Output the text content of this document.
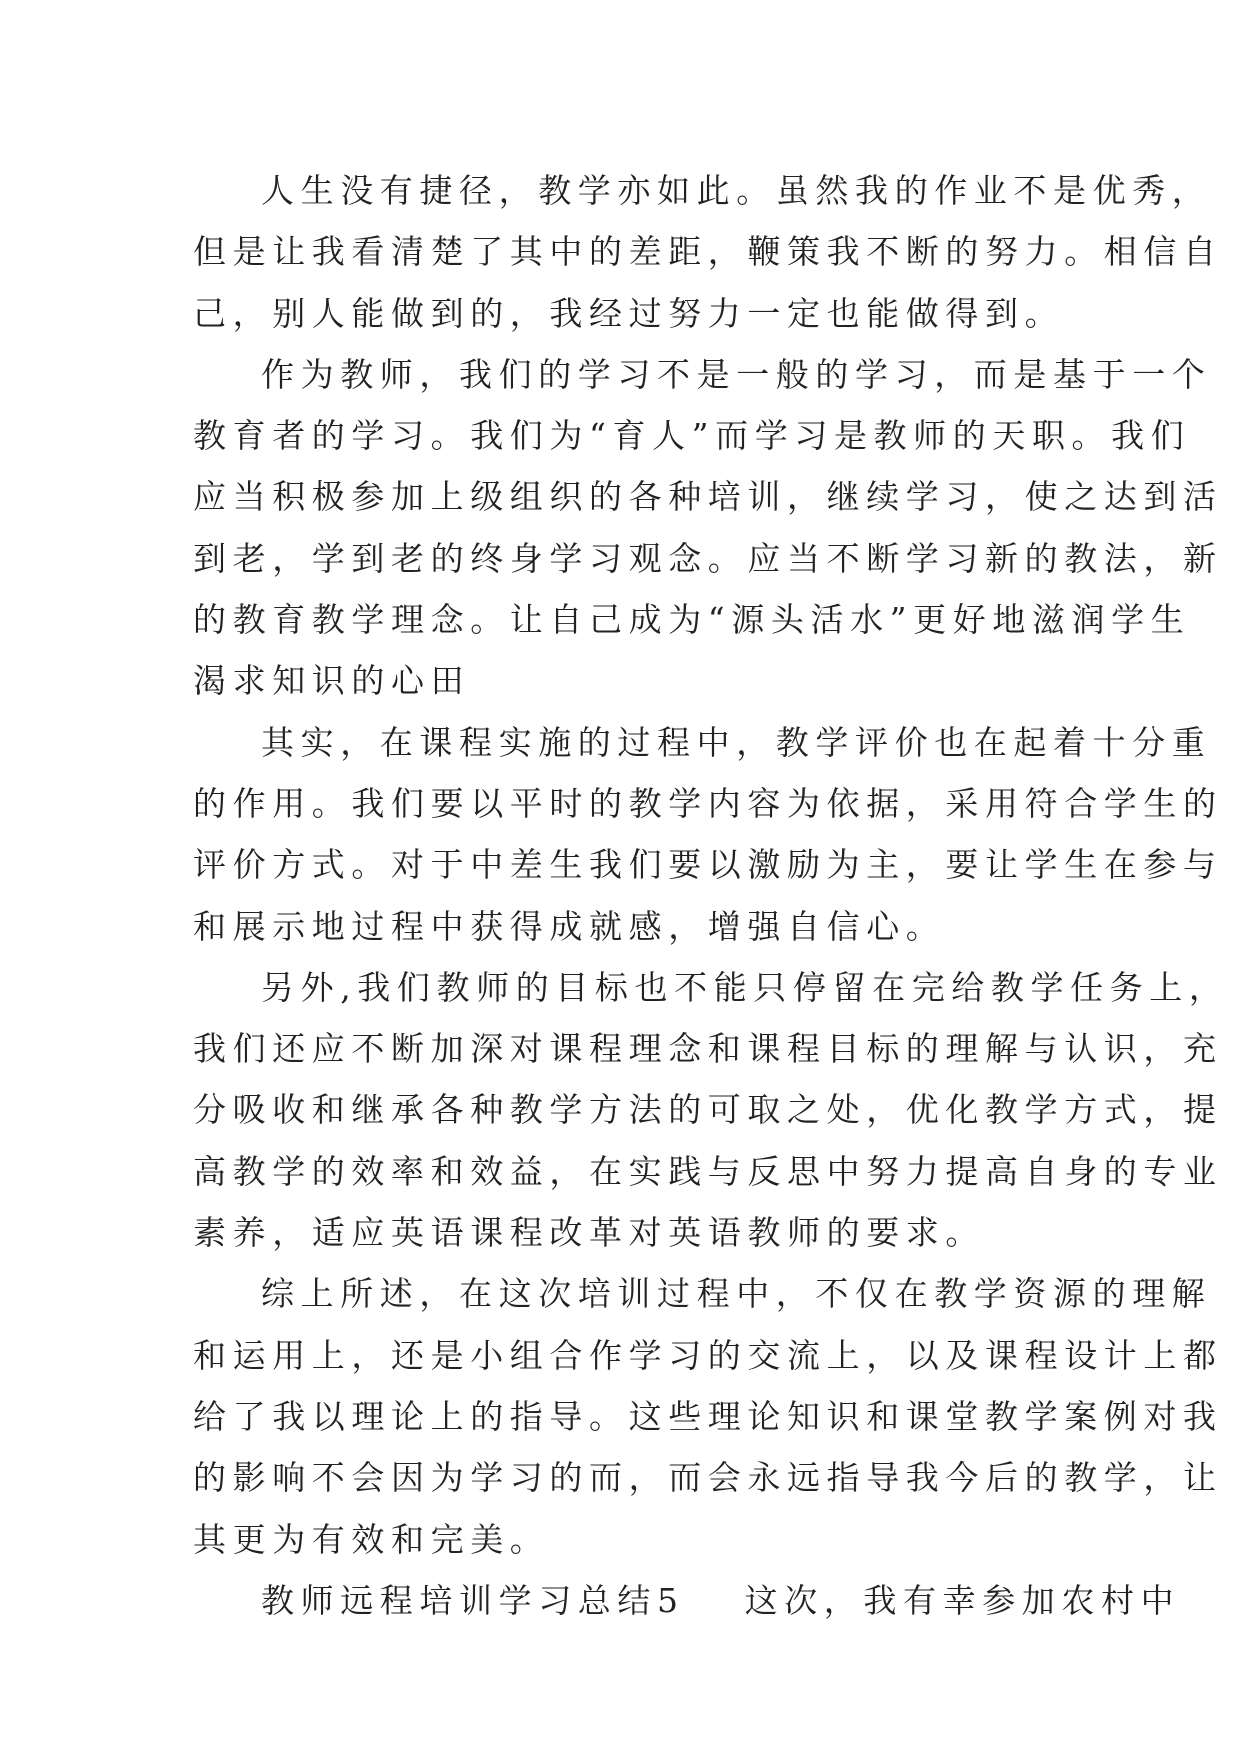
人生没有捷径，教学亦如此。虽然我的作业不是优秀，
但是让我看清楚了其中的差距，鞭策我不断的努力。相信自
己，别人能做到的，我经过努力一定也能做得到。
作为教师，我们的学习不是一般的学习，而是基于一个
教育者的学习。我们为“育人”而学习是教师的天职。我们
应当积极参加上级组织的各种培训，继续学习，使之达到活
到老，学到老的终身学习观念。应当不断学习新的教法，新
的教育教学理念。让自己成为“源头活水”更好地滋润学生
渴求知识的心田
其实，在课程实施的过程中，教学评价也在起着十分重
的作用。我们要以平时的教学内容为依据，采用符合学生的
评价方式。对于中差生我们要以激励为主，要让学生在参与
和展示地过程中获得成就感，增强自信心。
另外,我们教师的目标也不能只停留在完给教学任务上，
我们还应不断加深对课程理念和课程目标的理解与认识，充
分吸收和继承各种教学方法的可取之处，优化教学方式，提
高教学的效率和效益，在实践与反思中努力提高自身的专业
素养，适应英语课程改革对英语教师的要求。
综上所述，在这次培训过程中，不仅在教学资源的理解
和运用上，还是小组合作学习的交流上，以及课程设计上都
给了我以理论上的指导。这些理论知识和课堂教学案例对我
的影响不会因为学习的而，而会永远指导我今后的教学，让
其更为有效和完美。
教师远程培训学习总结5 这次，我有幸参加农村中
